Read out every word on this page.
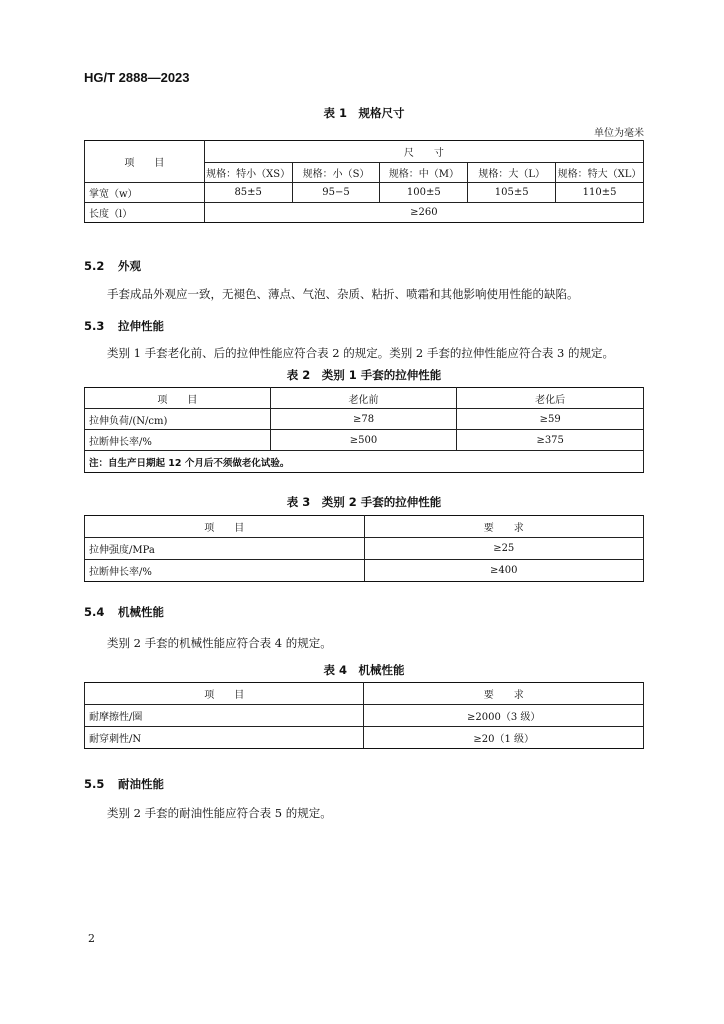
HG/T 2888—2023
表 1　规格尺寸
单位为毫米
项　　目	尺　　寸				
	规格：特小（XS）	规格：小（S）	规格：中（M）	规格：大（L）	规格：特大（XL）
掌宽（w）	85±5	95−5	100±5	105±5	110±5
长度（l）	≥260				
5.2 外观
手套成品外观应一致，无褪色、薄点、气泡、杂质、粘折、喷霜和其他影响使用性能的缺陷。
5.3 拉伸性能
类别 1 手套老化前、后的拉伸性能应符合表 2 的规定。类别 2 手套的拉伸性能应符合表 3 的规定。
表 2　类别 1 手套的拉伸性能
项　　目	老化前	老化后
拉伸负荷/(N/cm)	≥78	≥59
拉断伸长率/%	≥500	≥375
注：自生产日期起 12 个月后不须做老化试验。		
表 3　类别 2 手套的拉伸性能
项　　目	要　　求
拉伸强度/MPa	≥25
拉断伸长率/%	≥400
5.4 机械性能
类别 2 手套的机械性能应符合表 4 的规定。
表 4　机械性能
项　　目	要　　求
耐摩擦性/圈	≥2000（3 级）
耐穿刺性/N	≥20（1 级）
5.5 耐油性能
类别 2 手套的耐油性能应符合表 5 的规定。
2
